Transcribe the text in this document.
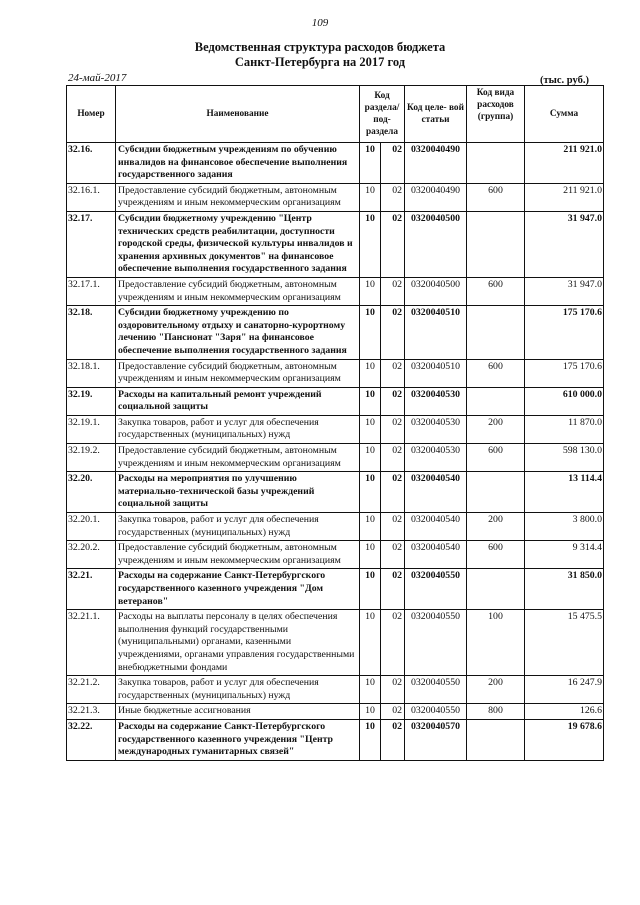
109
Ведомственная структура расходов бюджета
Санкт-Петербурга на 2017 год
24-май-2017	(тыс. руб.)
Номер	Наименование	Код раздела/ под- раздела		Код целе- вой статьи	Код вида расходов (группа)	Сумма
32.16.	Субсидии бюджетным учреждениям по обучению инвалидов на финансовое обеспечение выполнения государственного задания	10	02	0320040490		211 921.0
32.16.1.	Предоставление субсидий бюджетным, автономным учреждениям и иным некоммерческим организациям	10	02	0320040490	600	211 921.0
32.17.	Субсидии бюджетному учреждению "Центр технических средств реабилитации, доступности городской среды, физической культуры инвалидов и хранения архивных документов" на финансовое обеспечение выполнения государственного задания	10	02	0320040500		31 947.0
32.17.1.	Предоставление субсидий бюджетным, автономным учреждениям и иным некоммерческим организациям	10	02	0320040500	600	31 947.0
32.18.	Субсидии бюджетному учреждению по оздоровительному отдыху и санаторно-курортному лечению "Пансионат "Заря" на финансовое обеспечение выполнения государственного задания	10	02	0320040510		175 170.6
32.18.1.	Предоставление субсидий бюджетным, автономным учреждениям и иным некоммерческим организациям	10	02	0320040510	600	175 170.6
32.19.	Расходы на капитальный ремонт учреждений социальной защиты	10	02	0320040530		610 000.0
32.19.1.	Закупка товаров, работ и услуг для обеспечения государственных (муниципальных) нужд	10	02	0320040530	200	11 870.0
32.19.2.	Предоставление субсидий бюджетным, автономным учреждениям и иным некоммерческим организациям	10	02	0320040530	600	598 130.0
32.20.	Расходы на мероприятия по улучшению материально-технической базы учреждений социальной защиты	10	02	0320040540		13 114.4
32.20.1.	Закупка товаров, работ и услуг для обеспечения государственных (муниципальных) нужд	10	02	0320040540	200	3 800.0
32.20.2.	Предоставление субсидий бюджетным, автономным учреждениям и иным некоммерческим организациям	10	02	0320040540	600	9 314.4
32.21.	Расходы на содержание Санкт-Петербургского государственного казенного учреждения "Дом ветеранов"	10	02	0320040550		31 850.0
32.21.1.	Расходы на выплаты персоналу в целях обеспечения выполнения функций государственными (муниципальными) органами, казенными учреждениями, органами управления государственными внебюджетными фондами	10	02	0320040550	100	15 475.5
32.21.2.	Закупка товаров, работ и услуг для обеспечения государственных (муниципальных) нужд	10	02	0320040550	200	16 247.9
32.21.3.	Иные бюджетные ассигнования	10	02	0320040550	800	126.6
32.22.	Расходы на содержание Санкт-Петербургского государственного казенного учреждения "Центр международных гуманитарных связей"	10	02	0320040570		19 678.6
